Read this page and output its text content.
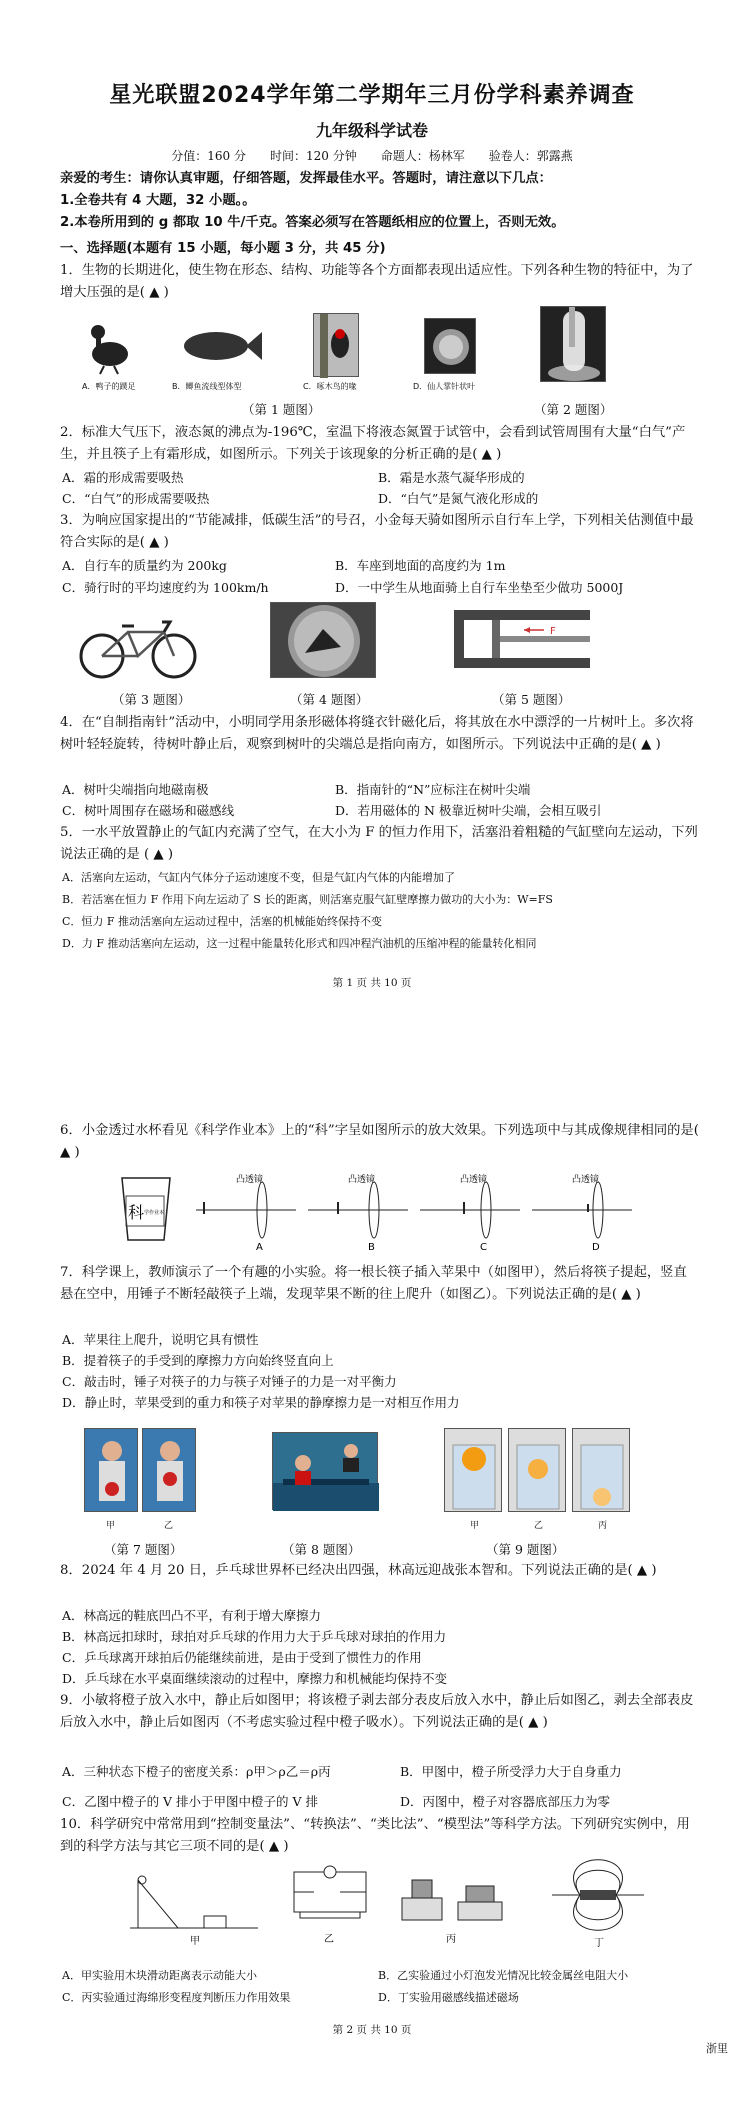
星光联盟2024学年第二学期年三月份学科素养调查
九年级科学试卷
分值：160 分　　时间：120 分钟　　命题人：杨林军　　验卷人：郭露燕
亲爱的考生：请你认真审题，仔细答题，发挥最佳水平。答题时，请注意以下几点：
1.全卷共有 4 大题，32 小题。。
2.本卷所用到的 g 都取 10 牛/千克。答案必须写在答题纸相应的位置上，否则无效。
一、选择题(本题有 15 小题，每小题 3 分，共 45 分)
1．生物的长期进化，使生物在形态、结构、功能等各个方面都表现出适应性。下列各种生物的特征中，为了增大压强的是( ▲ )
A．鸭子的蹼足	B．鲫鱼流线型体型	C．啄木鸟的喙	D．仙人掌针状叶
（第 1 题图）	（第 2 题图）
2．标准大气压下，液态氮的沸点为-196℃，室温下将液态氮置于试管中，会看到试管周围有大量“白气”产生，并且筷子上有霜形成，如图所示。下列关于该现象的分析正确的是( ▲ )
A．霜的形成需要吸热	B．霜是水蒸气凝华形成的
C．“白气”的形成需要吸热	D．“白气”是氮气液化形成的
3．为响应国家提出的“节能减排，低碳生活”的号召，小金每天骑如图所示自行车上学，下列相关估测值中最符合实际的是( ▲ )
A．自行车的质量约为 200kg	B．车座到地面的高度约为 1m
C．骑行时的平均速度约为 100km/h	D．一中学生从地面骑上自行车坐垫至少做功 5000J
F
（第 3 题图）	（第 4 题图）	（第 5 题图）
4．在“自制指南针”活动中，小明同学用条形磁体将缝衣针磁化后，将其放在水中漂浮的一片树叶上。多次将树叶轻轻旋转，待树叶静止后，观察到树叶的尖端总是指向南方，如图所示。下列说法中正确的是( ▲ )
A．树叶尖端指向地磁南极	B．指南针的“N”应标注在树叶尖端
C．树叶周围存在磁场和磁感线	D．若用磁体的 N 极靠近树叶尖端，会相互吸引
5．一水平放置静止的气缸内充满了空气，在大小为 F 的恒力作用下，活塞沿着粗糙的气缸壁向左运动，下列说法正确的是 ( ▲ )
A．活塞向左运动，气缸内气体分子运动速度不变，但是气缸内气体的内能增加了
B．若活塞在恒力 F 作用下向左运动了 S 长的距离，则活塞克服气缸壁摩擦力做功的大小为：W=FS
C．恒力 F 推动活塞向左运动过程中，活塞的机械能始终保持不变
D．力 F 推动活塞向左运动，这一过程中能量转化形式和四冲程汽油机的压缩冲程的能量转化相同
第 1 页 共 10 页
6．小金透过水杯看见《科学作业本》上的“科”字呈如图所示的放大效果。下列选项中与其成像规律相同的是( ▲ )
科 学作业本
凸透镜
A
凸透镜
B
凸透镜
C
凸透镜
D
7．科学课上，教师演示了一个有趣的小实验。将一根长筷子插入苹果中（如图甲），然后将筷子提起，竖直悬在空中，用锤子不断轻敲筷子上端，发现苹果不断的往上爬升（如图乙）。下列说法正确的是( ▲ )
A．苹果往上爬升，说明它具有惯性
B．提着筷子的手受到的摩擦力方向始终竖直向上
C．敲击时，锤子对筷子的力与筷子对锤子的力是一对平衡力
D．静止时，苹果受到的重力和筷子对苹果的静摩擦力是一对相互作用力
甲	乙	甲	乙	丙
（第 7 题图）	（第 8 题图）	（第 9 题图）
8．2024 年 4 月 20 日，乒乓球世界杯已经决出四强，林高远迎战张本智和。下列说法正确的是( ▲ )
A．林高远的鞋底凹凸不平，有利于增大摩擦力
B．林高远扣球时，球拍对乒乓球的作用力大于乒乓球对球拍的作用力
C．乒乓球离开球拍后仍能继续前进，是由于受到了惯性力的作用
D．乒乓球在水平桌面继续滚动的过程中，摩擦力和机械能均保持不变
9．小敏将橙子放入水中，静止后如图甲；将该橙子剥去部分表皮后放入水中，静止后如图乙，剥去全部表皮后放入水中，静止后如图丙（不考虑实验过程中橙子吸水）。下列说法正确的是( ▲ )
A．三种状态下橙子的密度关系：ρ甲＞ρ乙＝ρ丙	B．甲图中，橙子所受浮力大于自身重力
C．乙图中橙子的 V 排小于甲图中橙子的 V 排	D．丙图中，橙子对容器底部压力为零
10．科学研究中常常用到“控制变量法”、“转换法”、“类比法”、“模型法”等科学方法。下列研究实例中，用到的科学方法与其它三项不同的是( ▲ )
甲	乙	丙	丁
A．甲实验用木块滑动距离表示动能大小	B．乙实验通过小灯泡发光情况比较金属丝电阻大小
C．丙实验通过海绵形变程度判断压力作用效果	D．丁实验用磁感线描述磁场
第 2 页 共 10 页
浙里
